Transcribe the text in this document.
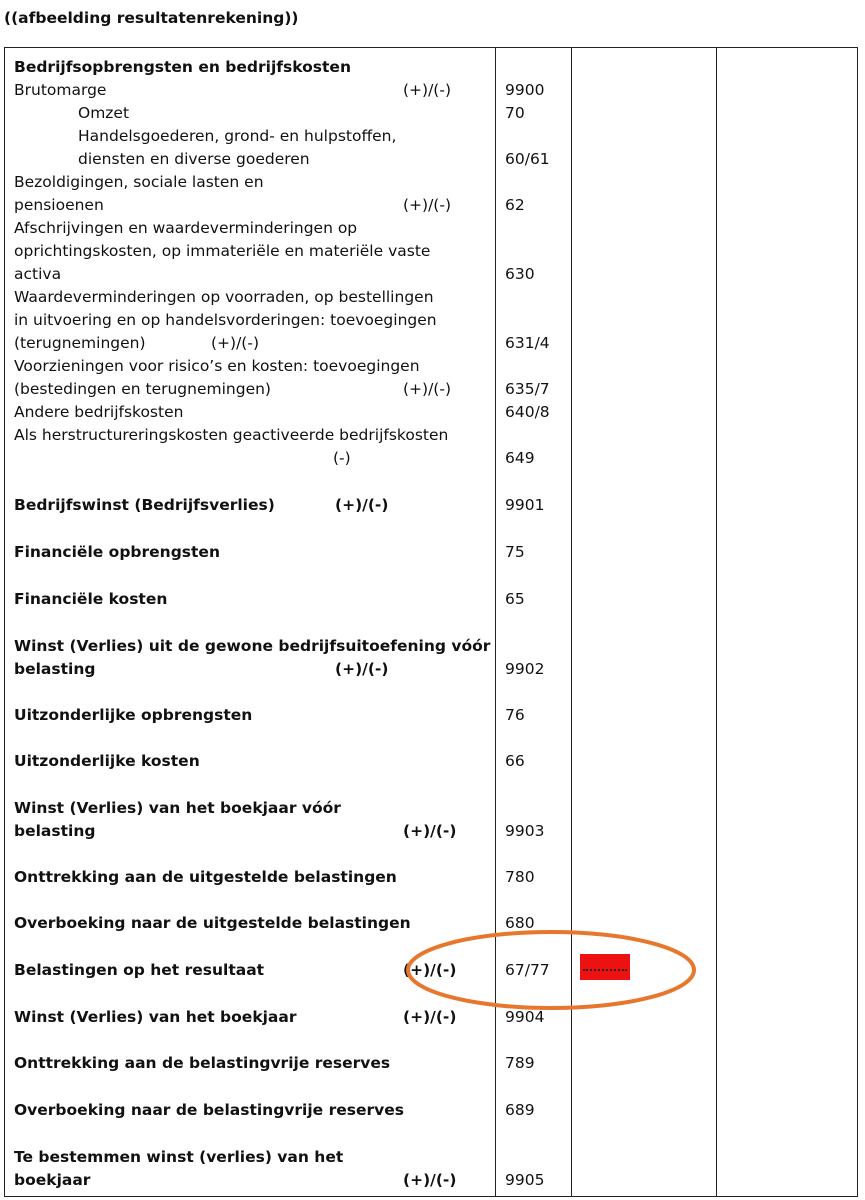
((afbeelding resultatenrekening))
Bedrijfsopbrengsten en bedrijfskosten
Brutomarge	(+)/(-)	9900
Omzet	70
Handelsgoederen, grond- en hulpstoffen,
diensten en diverse goederen	60/61
Bezoldigingen, sociale lasten en
pensioenen	(+)/(-)	62
Afschrijvingen en waardeverminderingen op
oprichtingskosten, op immateriële en materiële vaste
activa	630
Waardeverminderingen op voorraden, op bestellingen
in uitvoering en op handelsvorderingen: toevoegingen
(terugnemingen)	(+)/(-)	631/4
Voorzieningen voor risico’s en kosten: toevoegingen
(bestedingen en terugnemingen)	(+)/(-)	635/7
Andere bedrijfskosten	640/8
Als herstructureringskosten geactiveerde bedrijfskosten
(-)	649
Bedrijfswinst (Bedrijfsverlies)	(+)/(-)	9901
Financiële opbrengsten	75
Financiële kosten	65
Winst (Verlies) uit de gewone bedrijfsuitoefening vóór
belasting	(+)/(-)	9902
Uitzonderlijke opbrengsten	76
Uitzonderlijke kosten	66
Winst (Verlies) van het boekjaar vóór
belasting	(+)/(-)	9903
Onttrekking aan de uitgestelde belastingen	780
Overboeking naar de uitgestelde belastingen	680
Belastingen op het resultaat	(+)/(-)	67/77
Winst (Verlies) van het boekjaar	(+)/(-)	9904
Onttrekking aan de belastingvrije reserves	789
Overboeking naar de belastingvrije reserves	689
Te bestemmen winst (verlies) van het
boekjaar	(+)/(-)	9905
